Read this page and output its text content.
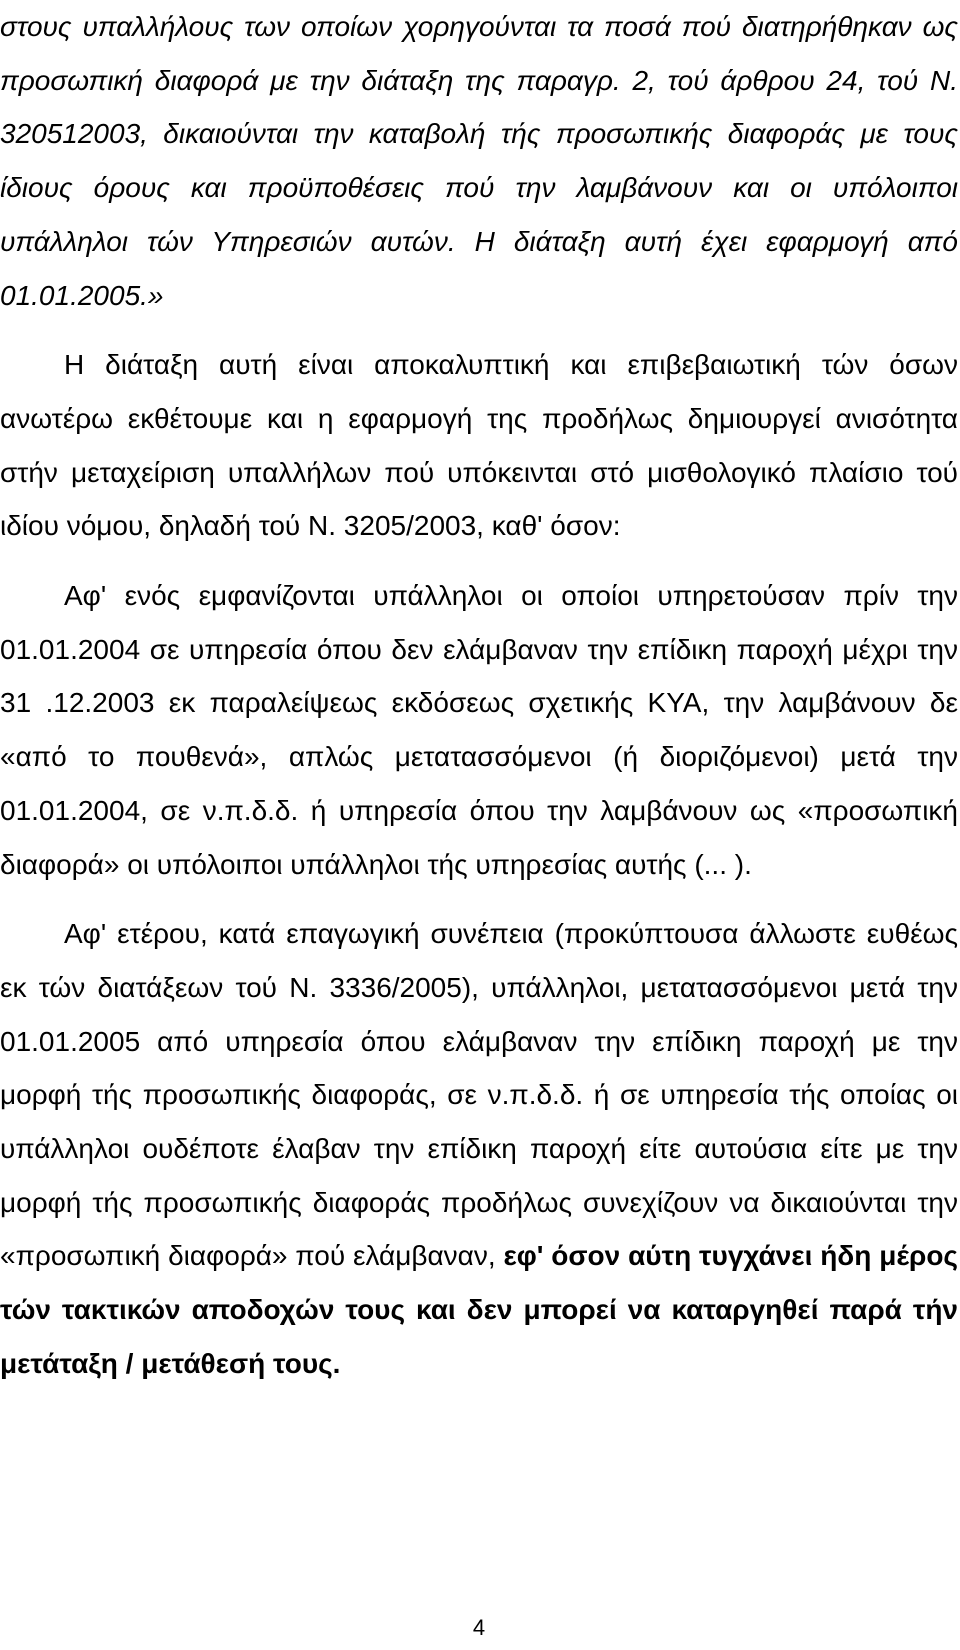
στους υπαλλήλους των οποίων χορηγούνται τα ποσά πού διατηρήθηκαν ως προσωπική διαφορά με την διάταξη της παραγρ. 2, τού άρθρου 24, τού Ν. 320512003, δικαιούνται την καταβολή τής προσωπικής διαφοράς με τους ίδιους όρους και προϋποθέσεις πού την λαμβάνουν και οι υπόλοιποι υπάλληλοι τών Υπηρεσιών αυτών. Η διάταξη αυτή έχει εφαρμογή από 01.01.2005.»

Η διάταξη αυτή είναι αποκαλυπτική και επιβεβαιωτική τών όσων ανωτέρω εκθέτουμε και η εφαρμογή της προδήλως δημιουργεί ανισότητα στήν μεταχείριση υπαλλήλων πού υπόκεινται στό μισθολογικό πλαίσιο τού ιδίου νόμου, δηλαδή τού Ν. 3205/2003, καθ' όσον:

Αφ' ενός εμφανίζονται υπάλληλοι οι οποίοι υπηρετούσαν πρίν την 01.01.2004 σε υπηρεσία όπου δεν ελάμβαναν την επίδικη παροχή μέχρι την 31 .12.2003 εκ παραλείψεως εκδόσεως σχετικής ΚΥΑ, την λαμβάνουν δε «από το πουθενά», απλώς μετατασσόμενοι (ή διοριζόμενοι) μετά την 01.01.2004, σε ν.π.δ.δ. ή υπηρεσία όπου την λαμβάνουν ως «προσωπική διαφορά» οι υπόλοιποι υπάλληλοι τής υπηρεσίας αυτής (... ).

Αφ' ετέρου, κατά επαγωγική συνέπεια (προκύπτουσα άλλωστε ευθέως εκ τών διατάξεων τού Ν. 3336/2005), υπάλληλοι, μετατασσόμενοι μετά την 01.01.2005 από υπηρεσία όπου ελάμβαναν την επίδικη παροχή με την μορφή τής προσωπικής διαφοράς, σε ν.π.δ.δ. ή σε υπηρεσία τής οποίας οι υπάλληλοι ουδέποτε έλαβαν την επίδικη παροχή είτε αυτούσια είτε με την μορφή τής προσωπικής διαφοράς προδήλως συνεχίζουν να δικαιούνται την «προσωπική διαφορά» πού ελάμβαναν, εφ' όσον αύτη τυγχάνει ήδη μέρος τών τακτικών αποδοχών τους και δεν μπορεί να καταργηθεί παρά τήν μετάταξη / μετάθεσή τους.

4
